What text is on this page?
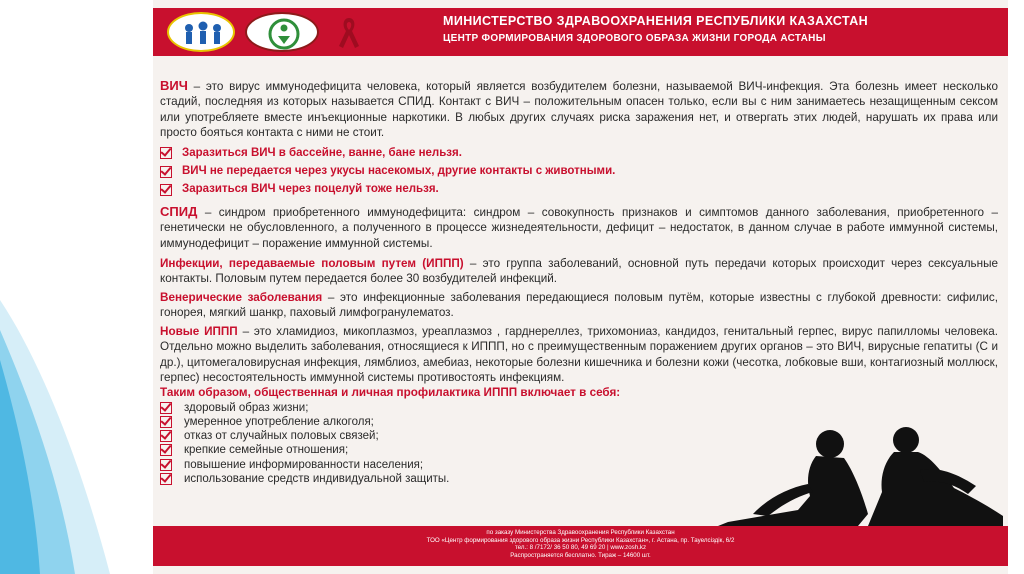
МИНИСТЕРСТВО ЗДРАВООХРАНЕНИЯ РЕСПУБЛИКИ КАЗАХСТАН
ЦЕНТР ФОРМИРОВАНИЯ ЗДОРОВОГО ОБРАЗА ЖИЗНИ ГОРОДА АСТАНЫ

ВИЧ – это вирус иммунодефицита человека, который является возбудителем болезни, называемой ВИЧ-инфекция. Эта болезнь имеет несколько стадий, последняя из которых называется СПИД. Контакт с ВИЧ – положительным опасен только, если вы с ним занимаетесь незащищенным сексом или употребляете вместе инъекционные наркотики. В любых других случаях риска заражения нет, и отвергать этих людей, нарушать их права или просто бояться контакта с ними не стоит.

Заразиться ВИЧ в бассейне, ванне, бане нельзя.
ВИЧ не передается через укусы насекомых, другие контакты с животными.
Заразиться ВИЧ через поцелуй тоже нельзя.

СПИД – синдром приобретенного иммунодефицита: синдром – совокупность признаков и симптомов данного заболевания, приобретенного – генетически не обусловленного, а полученного в процессе жизнедеятельности, дефицит – недостаток, в данном случае в работе иммунной системы, иммунодефицит – поражение иммунной системы.

Инфекции, передаваемые половым путем (ИППП) – это группа заболеваний, основной путь передачи которых происходит через сексуальные контакты. Половым путем передается более 30 возбудителей инфекций.

Венерические заболевания – это инфекционные заболевания передающиеся половым путём, которые известны с глубокой древности: сифилис, гонорея, мягкий шанкр, паховый лимфогранулематоз.

Новые ИППП – это хламидиоз, микоплазмоз, уреаплазмоз , гарднереллез, трихомониаз, кандидоз, генитальный герпес, вирус папилломы человека. Отдельно можно выделить заболевания, относящиеся к ИППП, но с преимущественным поражением других органов – это ВИЧ, вирусные гепатиты (С и др.), цитомегаловирусная инфекция, лямблиоз, амебиаз, некоторые болезни кишечника и болезни кожи (чесотка, лобковые вши, контагиозный моллюск, герпес) несостоятельность иммунной системы противостоять инфекциям.

Таким образом, общественная и личная профилактика ИППП включает в себя:

здоровый образ жизни;
умеренное употребление алкоголя;
отказ от случайных половых связей;
крепкие семейные отношения;
повышение информированности населения;
использование средств индивидуальной защиты.
по заказу Министерства Здравоохранения Республики Казахстан
ТОО «Центр формирования здорового образа жизни Республики Казахстан», г. Астана, пр. Тауелсіздік, 6/2
тел.: 8 /7172/ 36 50 80, 49 69 20 | www.zosh.kz
Распространяется бесплатно. Тираж – 14600 шт.
